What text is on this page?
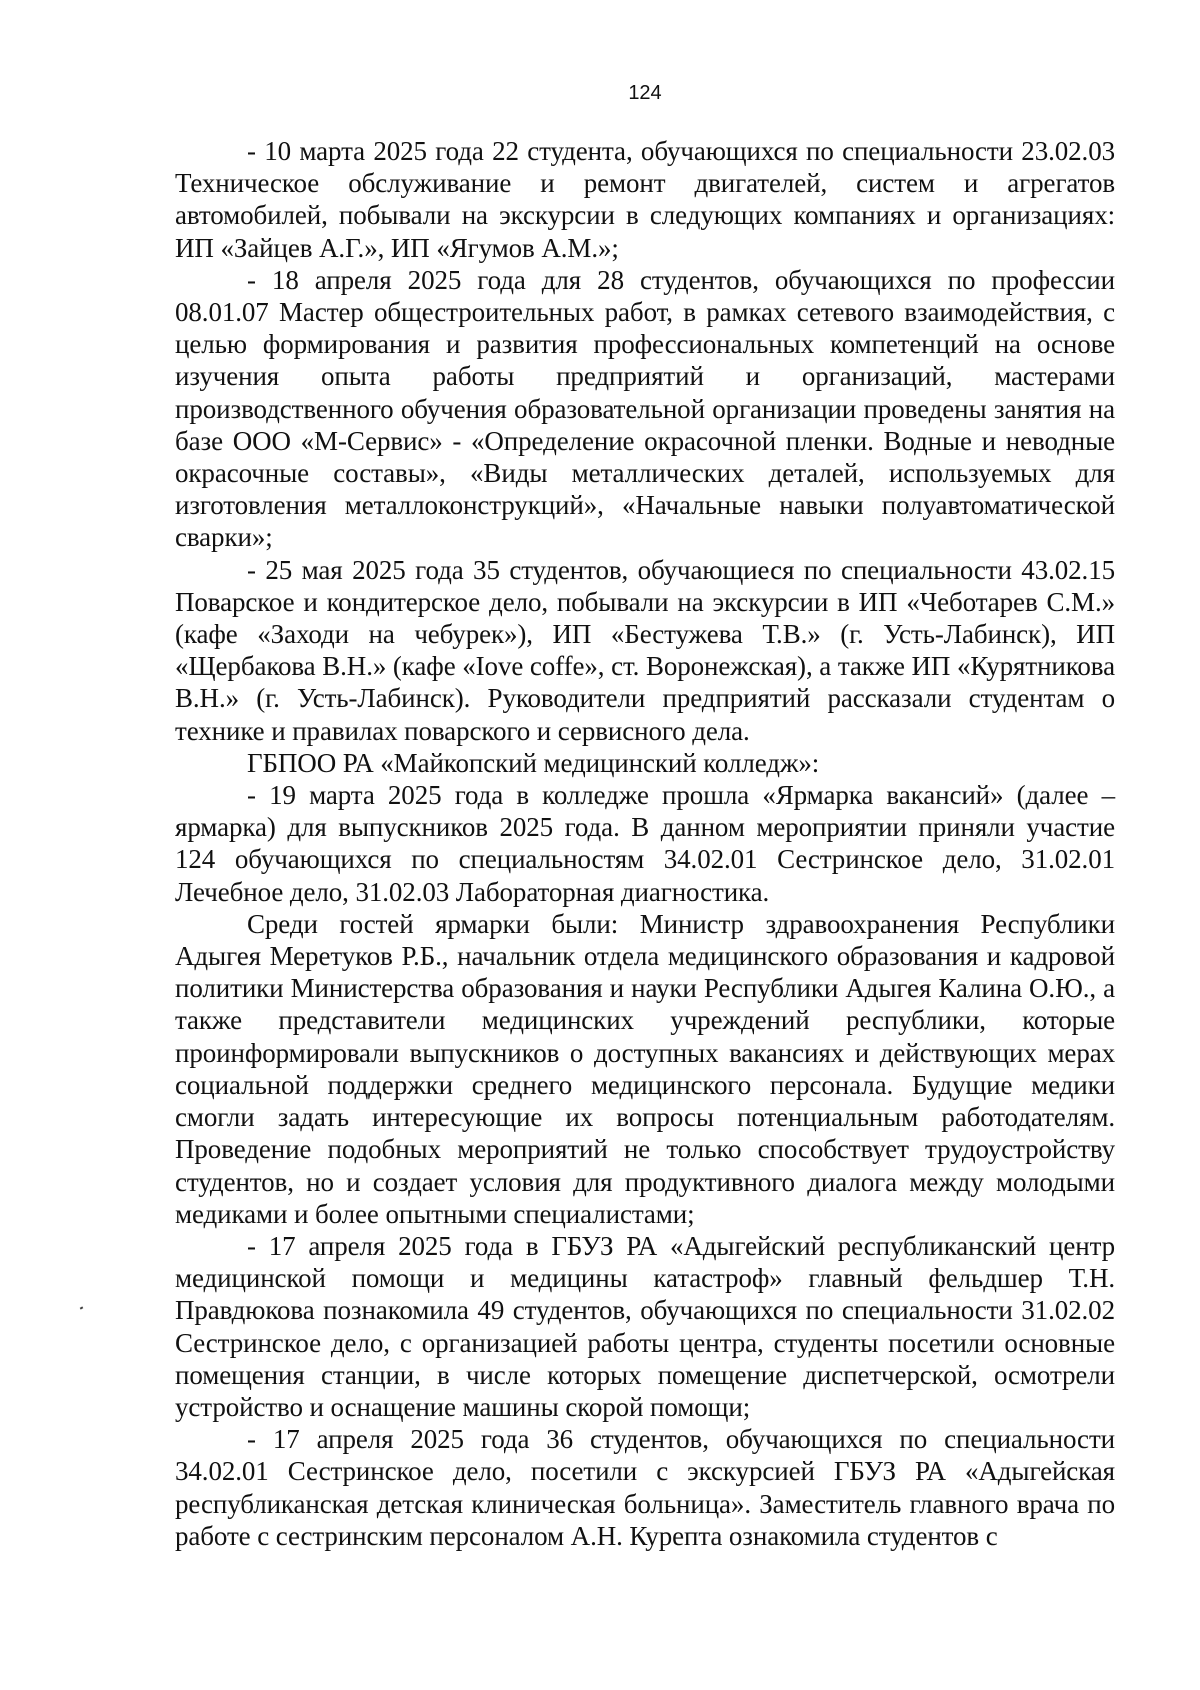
124

- 10 марта 2025 года 22 студента, обучающихся по специальности 23.02.03 Техническое обслуживание и ремонт двигателей, систем и агрегатов автомобилей, побывали на экскурсии в следующих компаниях и организациях: ИП «Зайцев А.Г.», ИП «Ягумов А.М.»;

- 18 апреля 2025 года для 28 студентов, обучающихся по профессии 08.01.07 Мастер общестроительных работ, в рамках сетевого взаимодействия, с целью формирования и развития профессиональных компетенций на основе изучения опыта работы предприятий и организаций, мастерами производственного обучения образовательной организации проведены занятия на базе ООО «М-Сервис» - «Определение окрасочной пленки. Водные и неводные окрасочные составы», «Виды металлических деталей, используемых для изготовления металлоконструкций», «Начальные навыки полуавтоматической сварки»;

- 25 мая 2025 года 35 студентов, обучающиеся по специальности 43.02.15 Поварское и кондитерское дело, побывали на экскурсии в ИП «Чеботарев С.М.» (кафе «Заходи на чебурек»), ИП «Бестужева Т.В.» (г. Усть-Лабинск), ИП «Щербакова В.Н.» (кафе «Iove coffe», ст. Воронежская), а также ИП «Курятникова В.Н.» (г. Усть-Лабинск). Руководители предприятий рассказали студентам о технике и правилах поварского и сервисного дела.

ГБПОО РА «Майкопский медицинский колледж»:

- 19 марта 2025 года в колледже прошла «Ярмарка вакансий» (далее – ярмарка) для выпускников 2025 года. В данном мероприятии приняли участие 124 обучающихся по специальностям 34.02.01 Сестринское дело, 31.02.01 Лечебное дело, 31.02.03 Лабораторная диагностика.

Среди гостей ярмарки были: Министр здравоохранения Республики Адыгея Меретуков Р.Б., начальник отдела медицинского образования и кадровой политики Министерства образования и науки Республики Адыгея Калина О.Ю., а также представители медицинских учреждений республики, которые проинформировали выпускников о доступных вакансиях и действующих мерах социальной поддержки среднего медицинского персонала. Будущие медики смогли задать интересующие их вопросы потенциальным работодателям. Проведение подобных мероприятий не только способствует трудоустройству студентов, но и создает условия для продуктивного диалога между молодыми медиками и более опытными специалистами;

- 17 апреля 2025 года в ГБУЗ РА «Адыгейский республиканский центр медицинской помощи и медицины катастроф» главный фельдшер Т.Н. Правдюкова познакомила 49 студентов, обучающихся по специальности 31.02.02 Сестринское дело, с организацией работы центра, студенты посетили основные помещения станции, в числе которых помещение диспетчерской, осмотрели устройство и оснащение машины скорой помощи;

- 17 апреля 2025 года 36 студентов, обучающихся по специальности 34.02.01 Сестринское дело, посетили с экскурсией ГБУЗ РА «Адыгейская республиканская детская клиническая больница». Заместитель главного врача по работе с сестринским персоналом А.Н. Курепта ознакомила студентов с
